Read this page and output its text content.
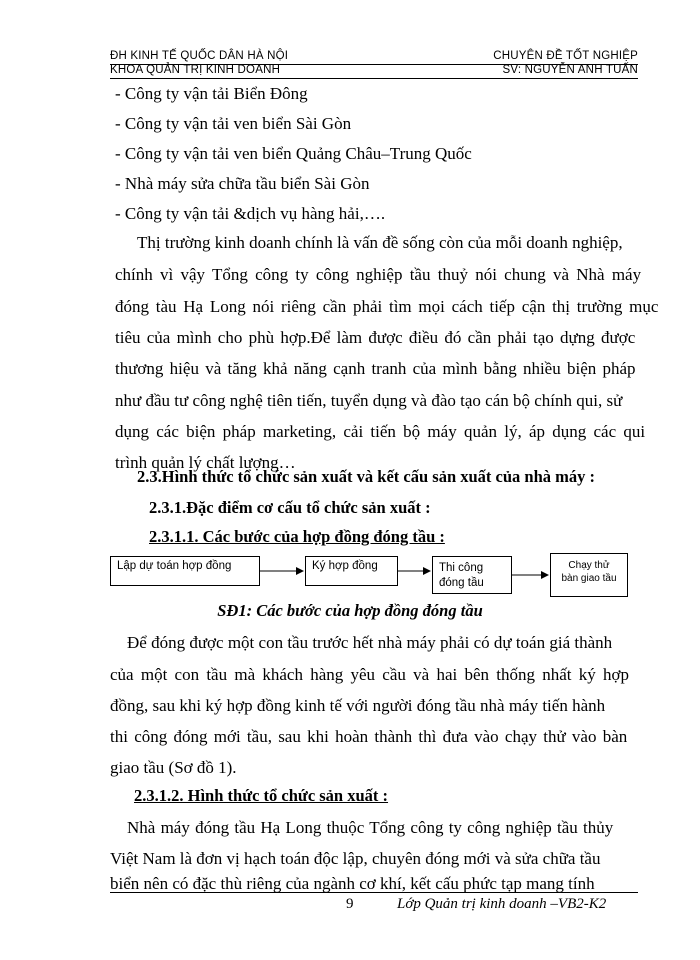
ĐH KINH TẾ QUỐC DÂN HÀ NỘI	CHUYÊN ĐỀ TỐT NGHIỆP
KHOA QUẢN TRỊ KINH DOANH	SV: NGUYỄN ANH TUẤN
- Công ty vận tải Biển Đông
- Công ty vận tải ven biển Sài Gòn
- Công ty vận tải ven biển Quảng Châu–Trung Quốc
- Nhà máy sửa chữa tầu biển Sài Gòn
- Công ty vận tải &dịch vụ hàng hải,….
Thị trường kinh doanh chính là vấn đề sống còn của mỗi doanh nghiệp,
chính vì vậy Tổng công ty công nghiệp tầu thuỷ nói chung và Nhà máy
đóng tàu Hạ Long nói riêng cần phải tìm mọi cách tiếp cận thị trường mục
tiêu của mình cho phù hợp.Để làm được điều đó cần phải tạo dựng được
thương hiệu và tăng khả năng cạnh tranh của mình bằng nhiều biện pháp
như đầu tư công nghệ tiên tiến, tuyển dụng và đào tạo cán bộ chính qui, sử
dụng các biện pháp marketing, cải tiến bộ máy quản lý, áp dụng các qui
trình quản lý chất lượng…
2.3.Hình thức tổ chức sản xuất và kết cấu sản xuất của nhà máy :
2.3.1.Đặc điểm cơ cấu tổ chức sản xuất :
2.3.1.1. Các bước của hợp đồng đóng tầu :
Lập dự toán hợp đồng	Ký hợp đồng	Thi công
đóng tầu
Chạy thử
bàn giao tầu
SĐ1: Các bước của hợp đồng đóng tầu
Để đóng được một con tầu trước hết nhà máy phải có dự toán giá thành
của một con tầu mà khách hàng yêu cầu và hai bên thống nhất ký hợp
đồng, sau khi ký hợp đồng kinh tế với người đóng tầu nhà máy tiến hành
thi công đóng mới tầu, sau khi hoàn thành thì đưa vào chạy thử vào bàn
giao tầu (Sơ đồ 1).
2.3.1.2. Hình thức tổ chức sản xuất :
Nhà máy đóng tầu Hạ Long thuộc Tổng công ty công nghiệp tầu thủy
Việt Nam là đơn vị hạch toán độc lập, chuyên đóng mới và sửa chữa tầu
biển nên có đặc thù riêng của ngành cơ khí, kết cấu phức tạp mang tính
9	Lớp Quản trị kinh doanh –VB2-K2
